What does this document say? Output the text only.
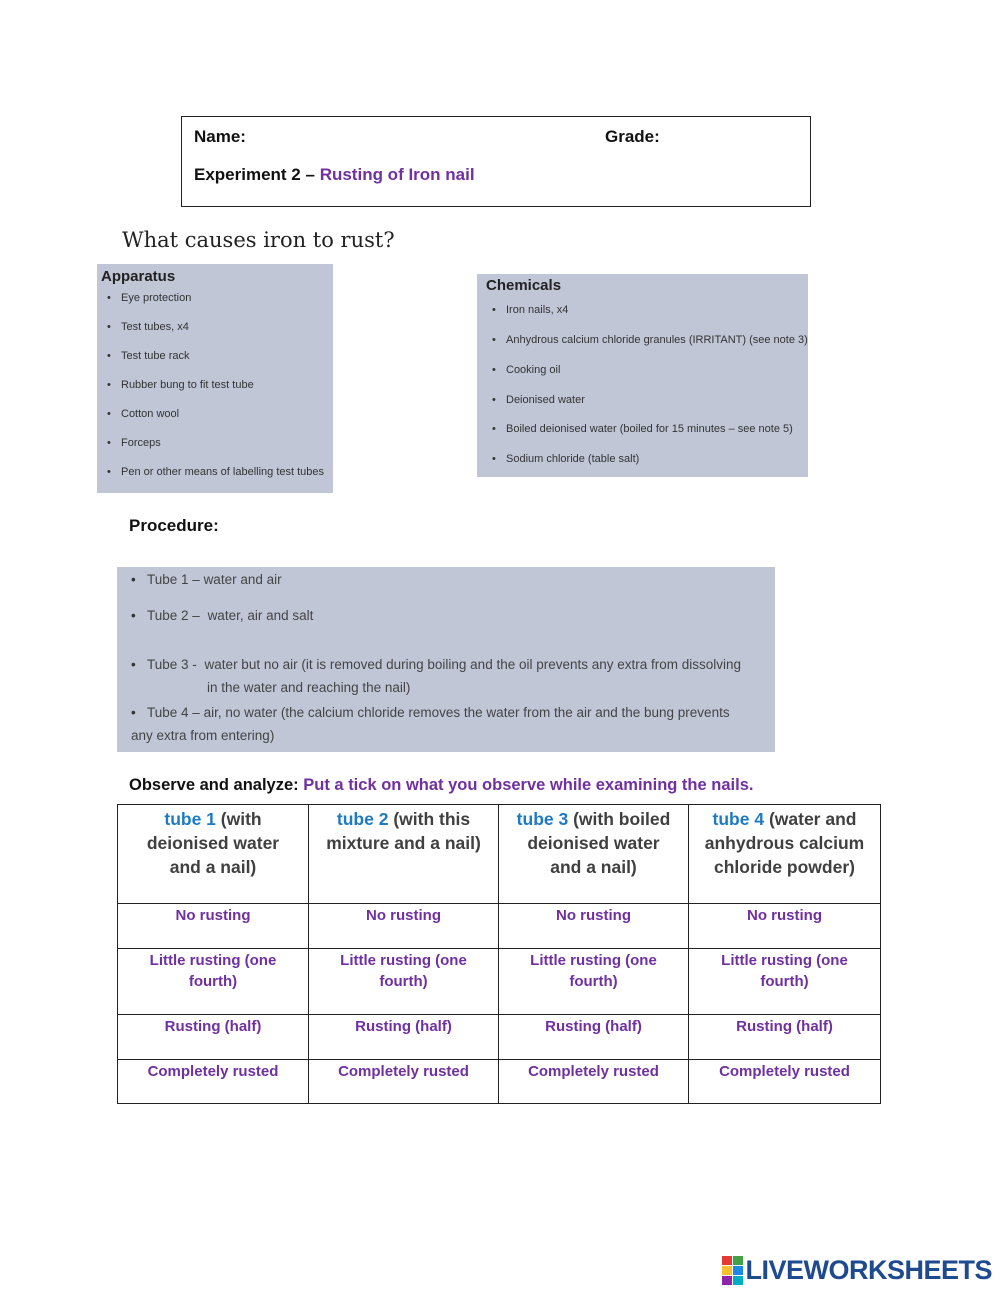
Name:	Grade:
Experiment 2 – Rusting of Iron nail
What causes iron to rust?
Apparatus
• Eye protection
• Test tubes, x4
• Test tube rack
• Rubber bung to fit test tube
• Cotton wool
• Forceps
• Pen or other means of labelling test tubes
Chemicals
• Iron nails, x4
• Anhydrous calcium chloride granules (IRRITANT) (see note 3)
• Cooking oil
• Deionised water
• Boiled deionised water (boiled for 15 minutes – see note 5)
• Sodium chloride (table salt)
Procedure:
• Tube 1 – water and air
• Tube 2 – water, air and salt
• Tube 3 - water but no air (it is removed during boiling and the oil prevents any extra from dissolving
in the water and reaching the nail)
• Tube 4 – air, no water (the calcium chloride removes the water from the air and the bung prevents
any extra from entering)
Observe and analyze: Put a tick on what you observe while examining the nails.
tube 1 (with
deionised water
and a nail)	tube 2 (with this
mixture and a nail)	tube 3 (with boiled
deionised water
and a nail)	tube 4 (water and
anhydrous calcium
chloride powder)
No rusting	No rusting	No rusting	No rusting
Little rusting (one
fourth)	Little rusting (one
fourth)	Little rusting (one
fourth)	Little rusting (one
fourth)
Rusting (half)	Rusting (half)	Rusting (half)	Rusting (half)
Completely rusted	Completely rusted	Completely rusted	Completely rusted
LIVEWORKSHEETS
